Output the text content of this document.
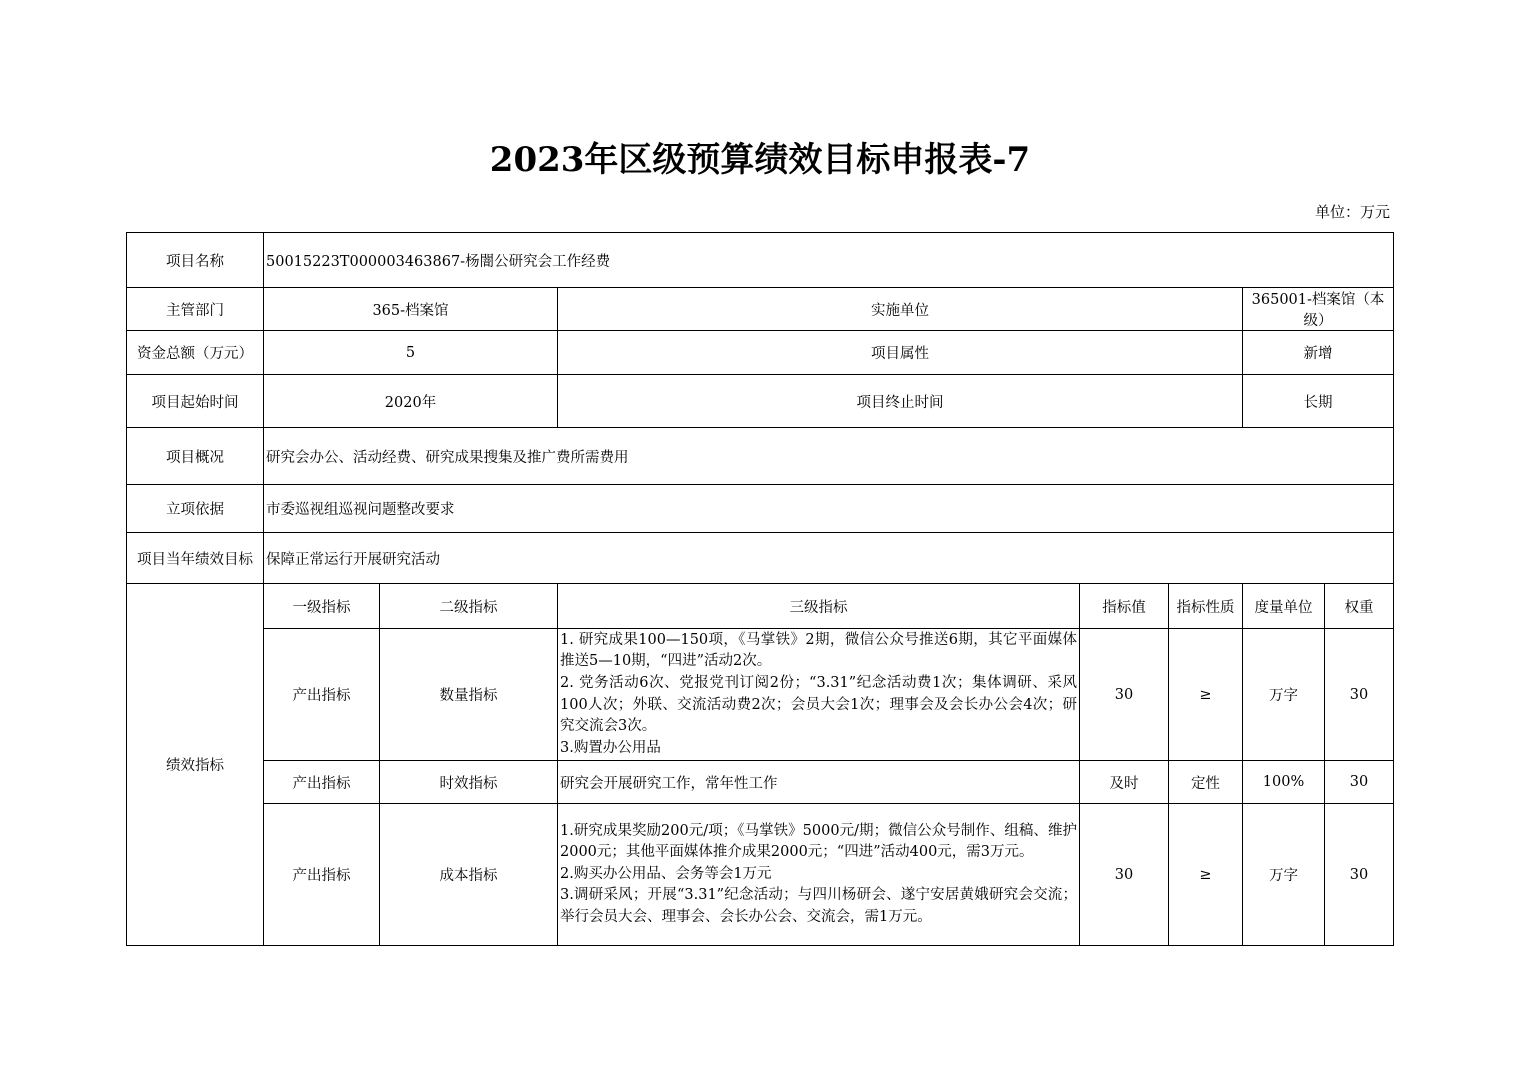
2023年区级预算绩效目标申报表-7
单位：万元
项目名称	50015223T000003463867-杨闇公研究会工作经费						
主管部门	365-档案馆		实施单位			365001-档案馆（本级）	
资金总额（万元）	5		项目属性			新增	
项目起始时间	2020年		项目终止时间			长期	
项目概况	研究会办公、活动经费、研究成果搜集及推广费所需费用						
立项依据	市委巡视组巡视问题整改要求						
项目当年绩效目标	保障正常运行开展研究活动						
绩效指标	一级指标	二级指标	三级指标	指标值	指标性质	度量单位	权重
	产出指标	数量指标	1. 研究成果100—150项，《马掌铁》2期，微信公众号推送6期，其它平面媒体推送5—10期，“四进”活动2次。
2. 党务活动6次、党报党刊订阅2份；“3.31”纪念活动费1次；集体调研、采风100人次；外联、交流活动费2次；会员大会1次；理事会及会长办公会4次；研究交流会3次。
3.购置办公用品	30	≥	万字	30
	产出指标	时效指标	研究会开展研究工作，常年性工作	及时	定性	100%	30
	产出指标	成本指标	1.研究成果奖励200元/项；《马掌铁》5000元/期；微信公众号制作、组稿、维护2000元；其他平面媒体推介成果2000元；“四进”活动400元，需3万元。
2.购买办公用品、会务等会1万元
3.调研采风；开展“3.31”纪念活动；与四川杨研会、遂宁安居黄娥研究会交流；举行会员大会、理事会、会长办公会、交流会，需1万元。	30	≥	万字	30
